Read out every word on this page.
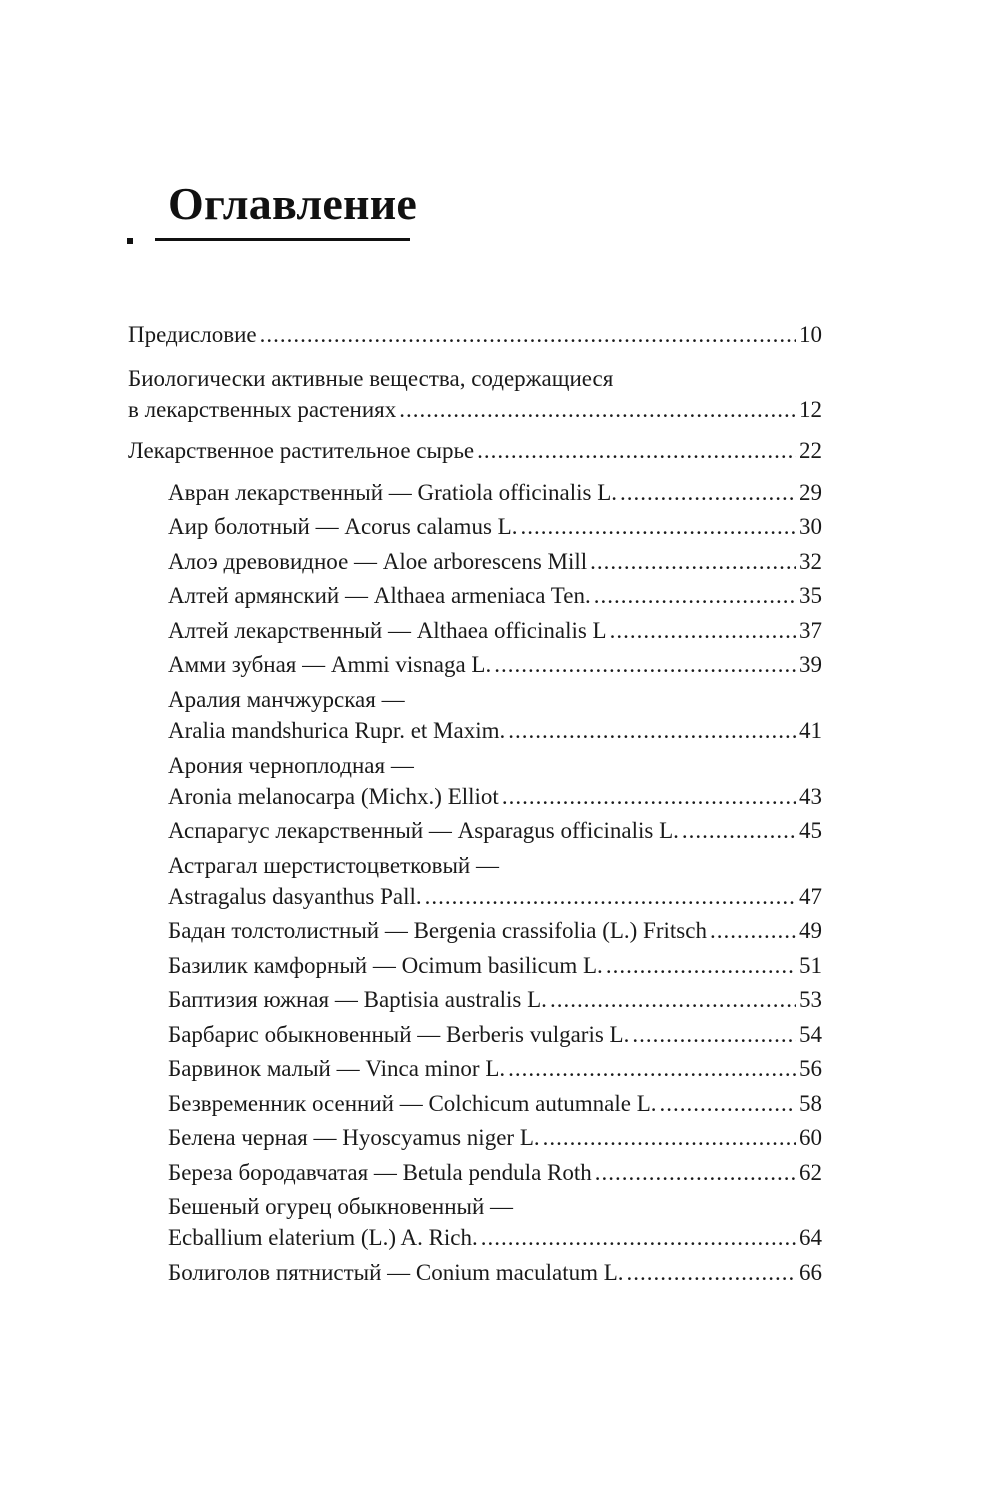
Оглавление
Предисловие .....	10
Биологически активные вещества, содержащиеся
в лекарственных растениях .....	12
Лекарственное растительное сырье .....	22
Авран лекарственный — Gratiola officinalis L. .....	29
Аир болотный — Acorus calamus L. .....	30
Алоэ древовидное — Aloe arborescens Mill .....	32
Алтей армянский — Althaea armeniaca Ten. .....	35
Алтей лекарственный — Althaea officinalis L .....	37
Амми зубная — Ammi visnaga L. .....	39
Аралия манчжурская —
Aralia mandshurica Rupr. et Maxim. .....	41
Арония черноплодная —
Aronia melanocarpa (Michx.) Elliot .....	43
Аспарагус лекарственный — Asparagus officinalis L. .....	45
Астрагал шерстистоцветковый —
Astragalus dasyanthus Pall. .....	47
Бадан толстолистный — Bergenia crassifolia (L.) Fritsch .....	49
Базилик камфорный — Ocimum basilicum L. .....	51
Баптизия южная — Baptisia australis L. .....	53
Барбарис обыкновенный — Berberis vulgaris L. .....	54
Барвинок малый — Vinca minor L. .....	56
Безвременник осенний — Colchicum autumnale L. .....	58
Белена черная — Hyoscyamus niger L. .....	60
Береза бородавчатая — Betula pendula Roth .....	62
Бешеный огурец обыкновенный —
Ecballium elaterium (L.) A. Rich. .....	64
Болиголов пятнистый — Conium maculatum L. .....	66
